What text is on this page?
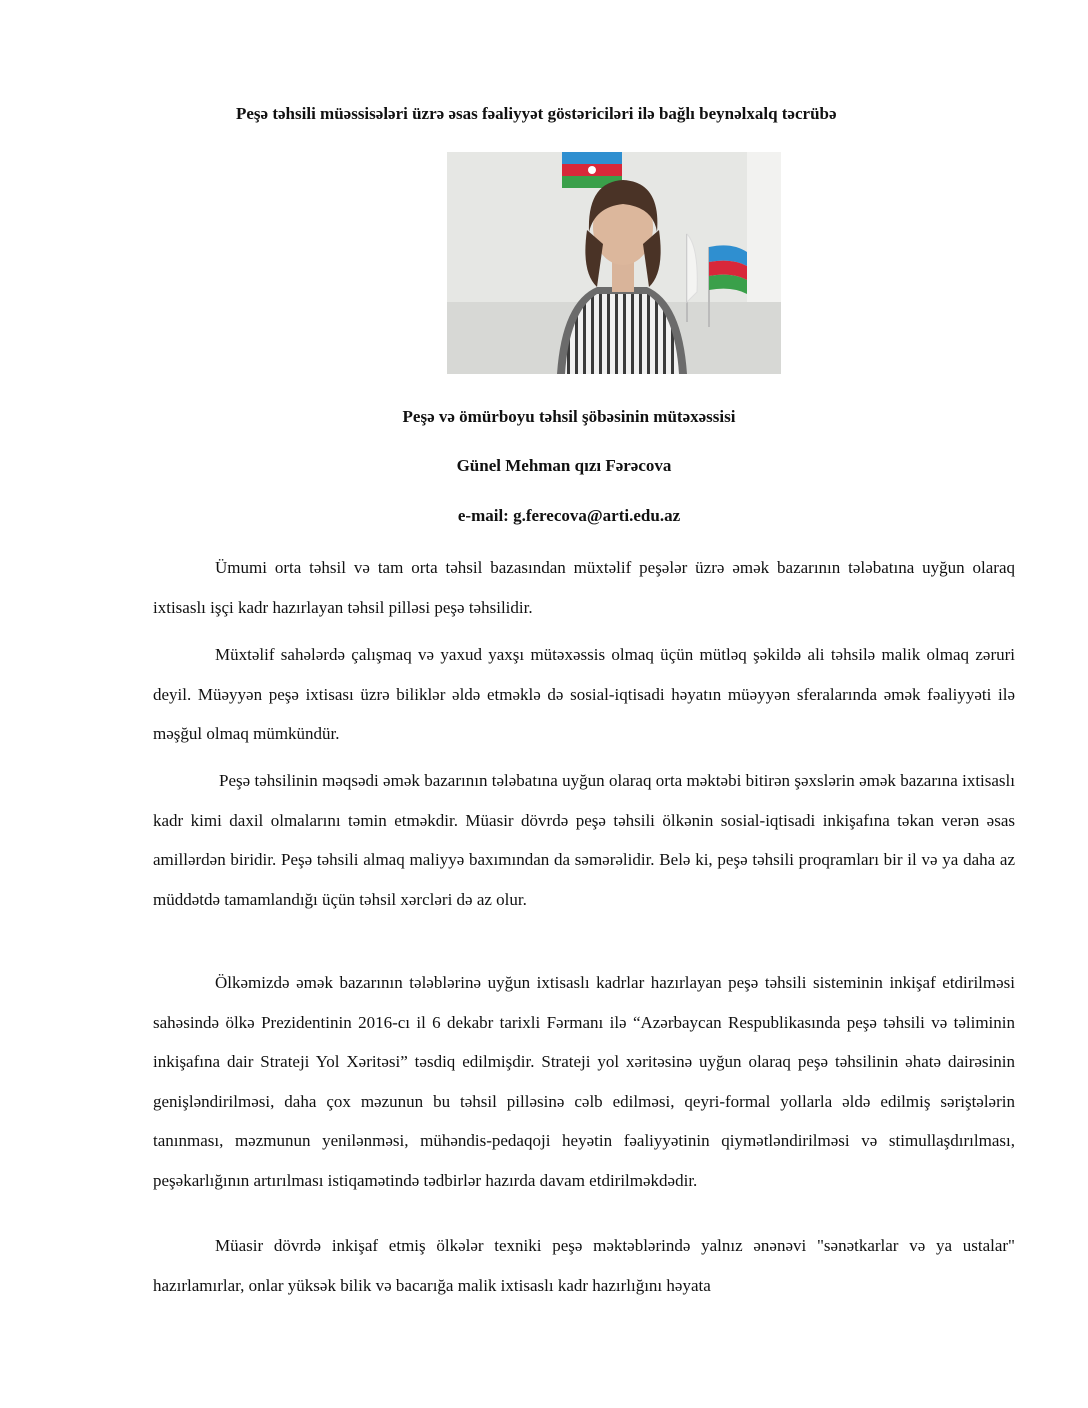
Peşə təhsili müəssisələri üzrə əsas fəaliyyət göstəriciləri ilə bağlı beynəlxalq təcrübə
Peşə və ömürboyu təhsil şöbəsinin mütəxəssisi
Günel Mehman qızı Fərəcova
e-mail: g.ferecova@arti.edu.az

Ümumi orta təhsil və tam orta təhsil bazasından müxtəlif peşələr üzrə əmək bazarının tələbatına uyğun olaraq ixtisaslı işçi kadr hazırlayan təhsil pilləsi peşə təhsilidir.

Müxtəlif sahələrdə çalışmaq və yaxud yaxşı mütəxəssis olmaq üçün mütləq şəkildə ali təhsilə malik olmaq zəruri deyil. Müəyyən peşə ixtisası üzrə biliklər əldə etməklə də sosial-iqtisadi həyatın müəyyən sferalarında əmək fəaliyyəti ilə məşğul olmaq mümkündür.

Peşə təhsilinin məqsədi əmək bazarının tələbatına uyğun olaraq orta məktəbi bitirən şəxslərin əmək bazarına ixtisaslı kadr kimi daxil olmalarını təmin etməkdir. Müasir dövrdə peşə təhsili ölkənin sosial-iqtisadi inkişafına təkan verən əsas amillərdən biridir. Peşə təhsili almaq maliyyə baxımından da səmərəlidir. Belə ki, peşə təhsili proqramları bir il və ya daha az müddətdə tamamlandığı üçün təhsil xərcləri də az olur.

Ölkəmizdə əmək bazarının tələblərinə uyğun ixtisaslı kadrlar hazırlayan peşə təhsili sisteminin inkişaf etdirilməsi sahəsində ölkə Prezidentinin 2016-cı il 6 dekabr tarixli Fərmanı ilə “Azərbaycan Respublikasında peşə təhsili və təliminin inkişafına dair Strateji Yol Xəritəsi” təsdiq edilmişdir. Strateji yol xəritəsinə uyğun olaraq peşə təhsilinin əhatə dairəsinin genişləndirilməsi, daha çox məzunun bu təhsil pilləsinə cəlb edilməsi, qeyri-formal yollarla əldə edilmiş səriştələrin tanınması, məzmunun yenilənməsi, mühəndis-pedaqoji heyətin fəaliyyətinin qiymətləndirilməsi və stimullaşdırılması, peşəkarlığının artırılması istiqamətində tədbirlər hazırda davam etdirilməkdədir.

Müasir dövrdə inkişaf etmiş ölkələr texniki peşə məktəblərində yalnız ənənəvi "sənətkarlar və ya ustalar" hazırlamırlar, onlar yüksək bilik və bacarığa malik ixtisaslı kadr hazırlığını həyata
